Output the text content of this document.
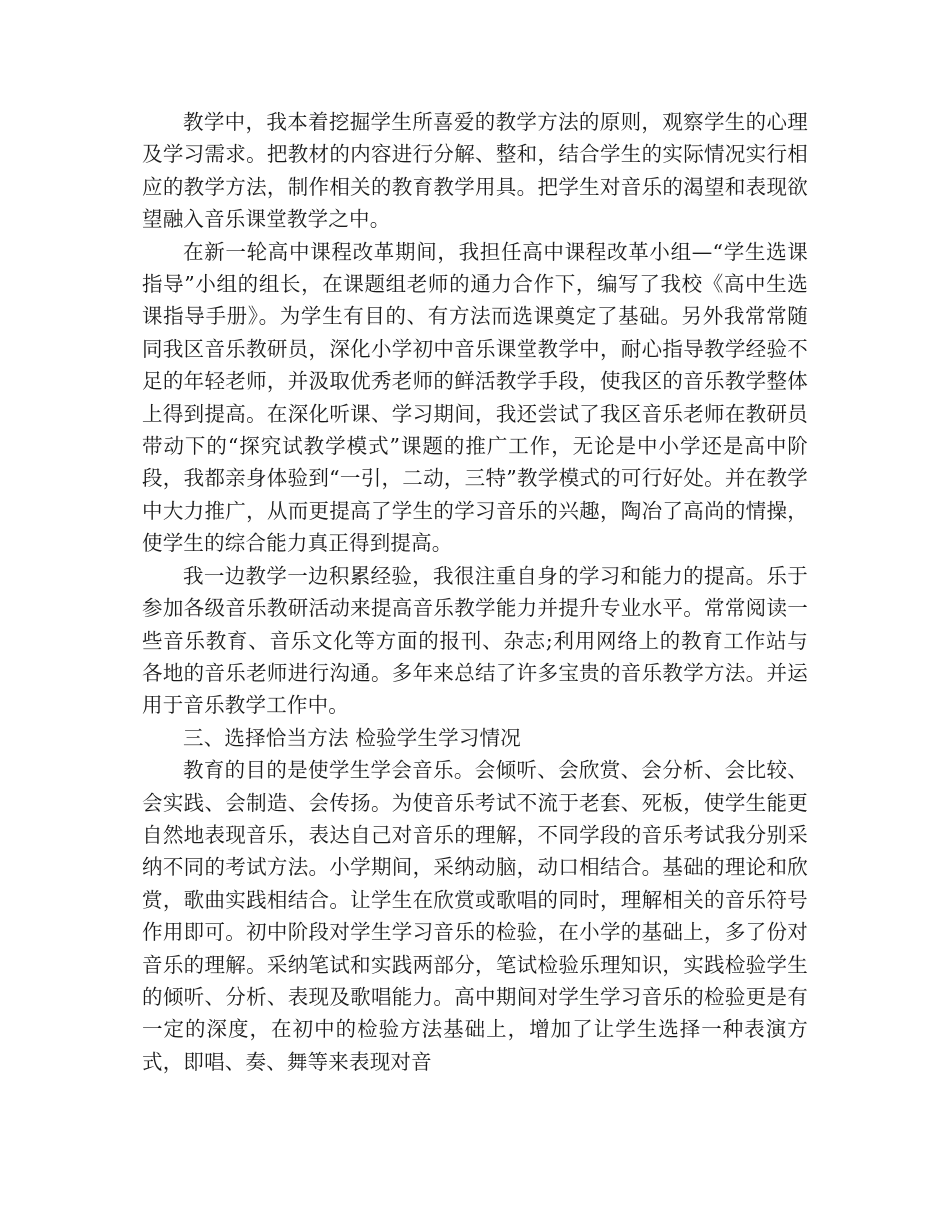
教学中，我本着挖掘学生所喜爱的教学方法的原则，观察学生的心理及学习需求。把教材的内容进行分解、整和，结合学生的实际情况实行相应的教学方法，制作相关的教育教学用具。把学生对音乐的渴望和表现欲望融入音乐课堂教学之中。

在新一轮高中课程改革期间，我担任高中课程改革小组—“学生选课指导”小组的组长，在课题组老师的通力合作下，编写了我校《高中生选课指导手册》。为学生有目的、有方法而选课奠定了基础。另外我常常随同我区音乐教研员，深化小学初中音乐课堂教学中，耐心指导教学经验不足的年轻老师，并汲取优秀老师的鲜活教学手段，使我区的音乐教学整体上得到提高。在深化听课、学习期间，我还尝试了我区音乐老师在教研员带动下的“探究试教学模式”课题的推广工作，无论是中小学还是高中阶段，我都亲身体验到“一引，二动，三特”教学模式的可行好处。并在教学中大力推广，从而更提高了学生的学习音乐的兴趣，陶冶了高尚的情操，使学生的综合能力真正得到提高。

我一边教学一边积累经验，我很注重自身的学习和能力的提高。乐于参加各级音乐教研活动来提高音乐教学能力并提升专业水平。常常阅读一些音乐教育、音乐文化等方面的报刊、杂志;利用网络上的教育工作站与各地的音乐老师进行沟通。多年来总结了许多宝贵的音乐教学方法。并运用于音乐教学工作中。

三、选择恰当方法 检验学生学习情况

教育的目的是使学生学会音乐。会倾听、会欣赏、会分析、会比较、会实践、会制造、会传扬。为使音乐考试不流于老套、死板，使学生能更自然地表现音乐，表达自己对音乐的理解，不同学段的音乐考试我分别采纳不同的考试方法。小学期间，采纳动脑，动口相结合。基础的理论和欣赏，歌曲实践相结合。让学生在欣赏或歌唱的同时，理解相关的音乐符号作用即可。初中阶段对学生学习音乐的检验，在小学的基础上，多了份对音乐的理解。采纳笔试和实践两部分，笔试检验乐理知识，实践检验学生的倾听、分析、表现及歌唱能力。高中期间对学生学习音乐的检验更是有一定的深度，在初中的检验方法基础上，增加了让学生选择一种表演方式，即唱、奏、舞等来表现对音
